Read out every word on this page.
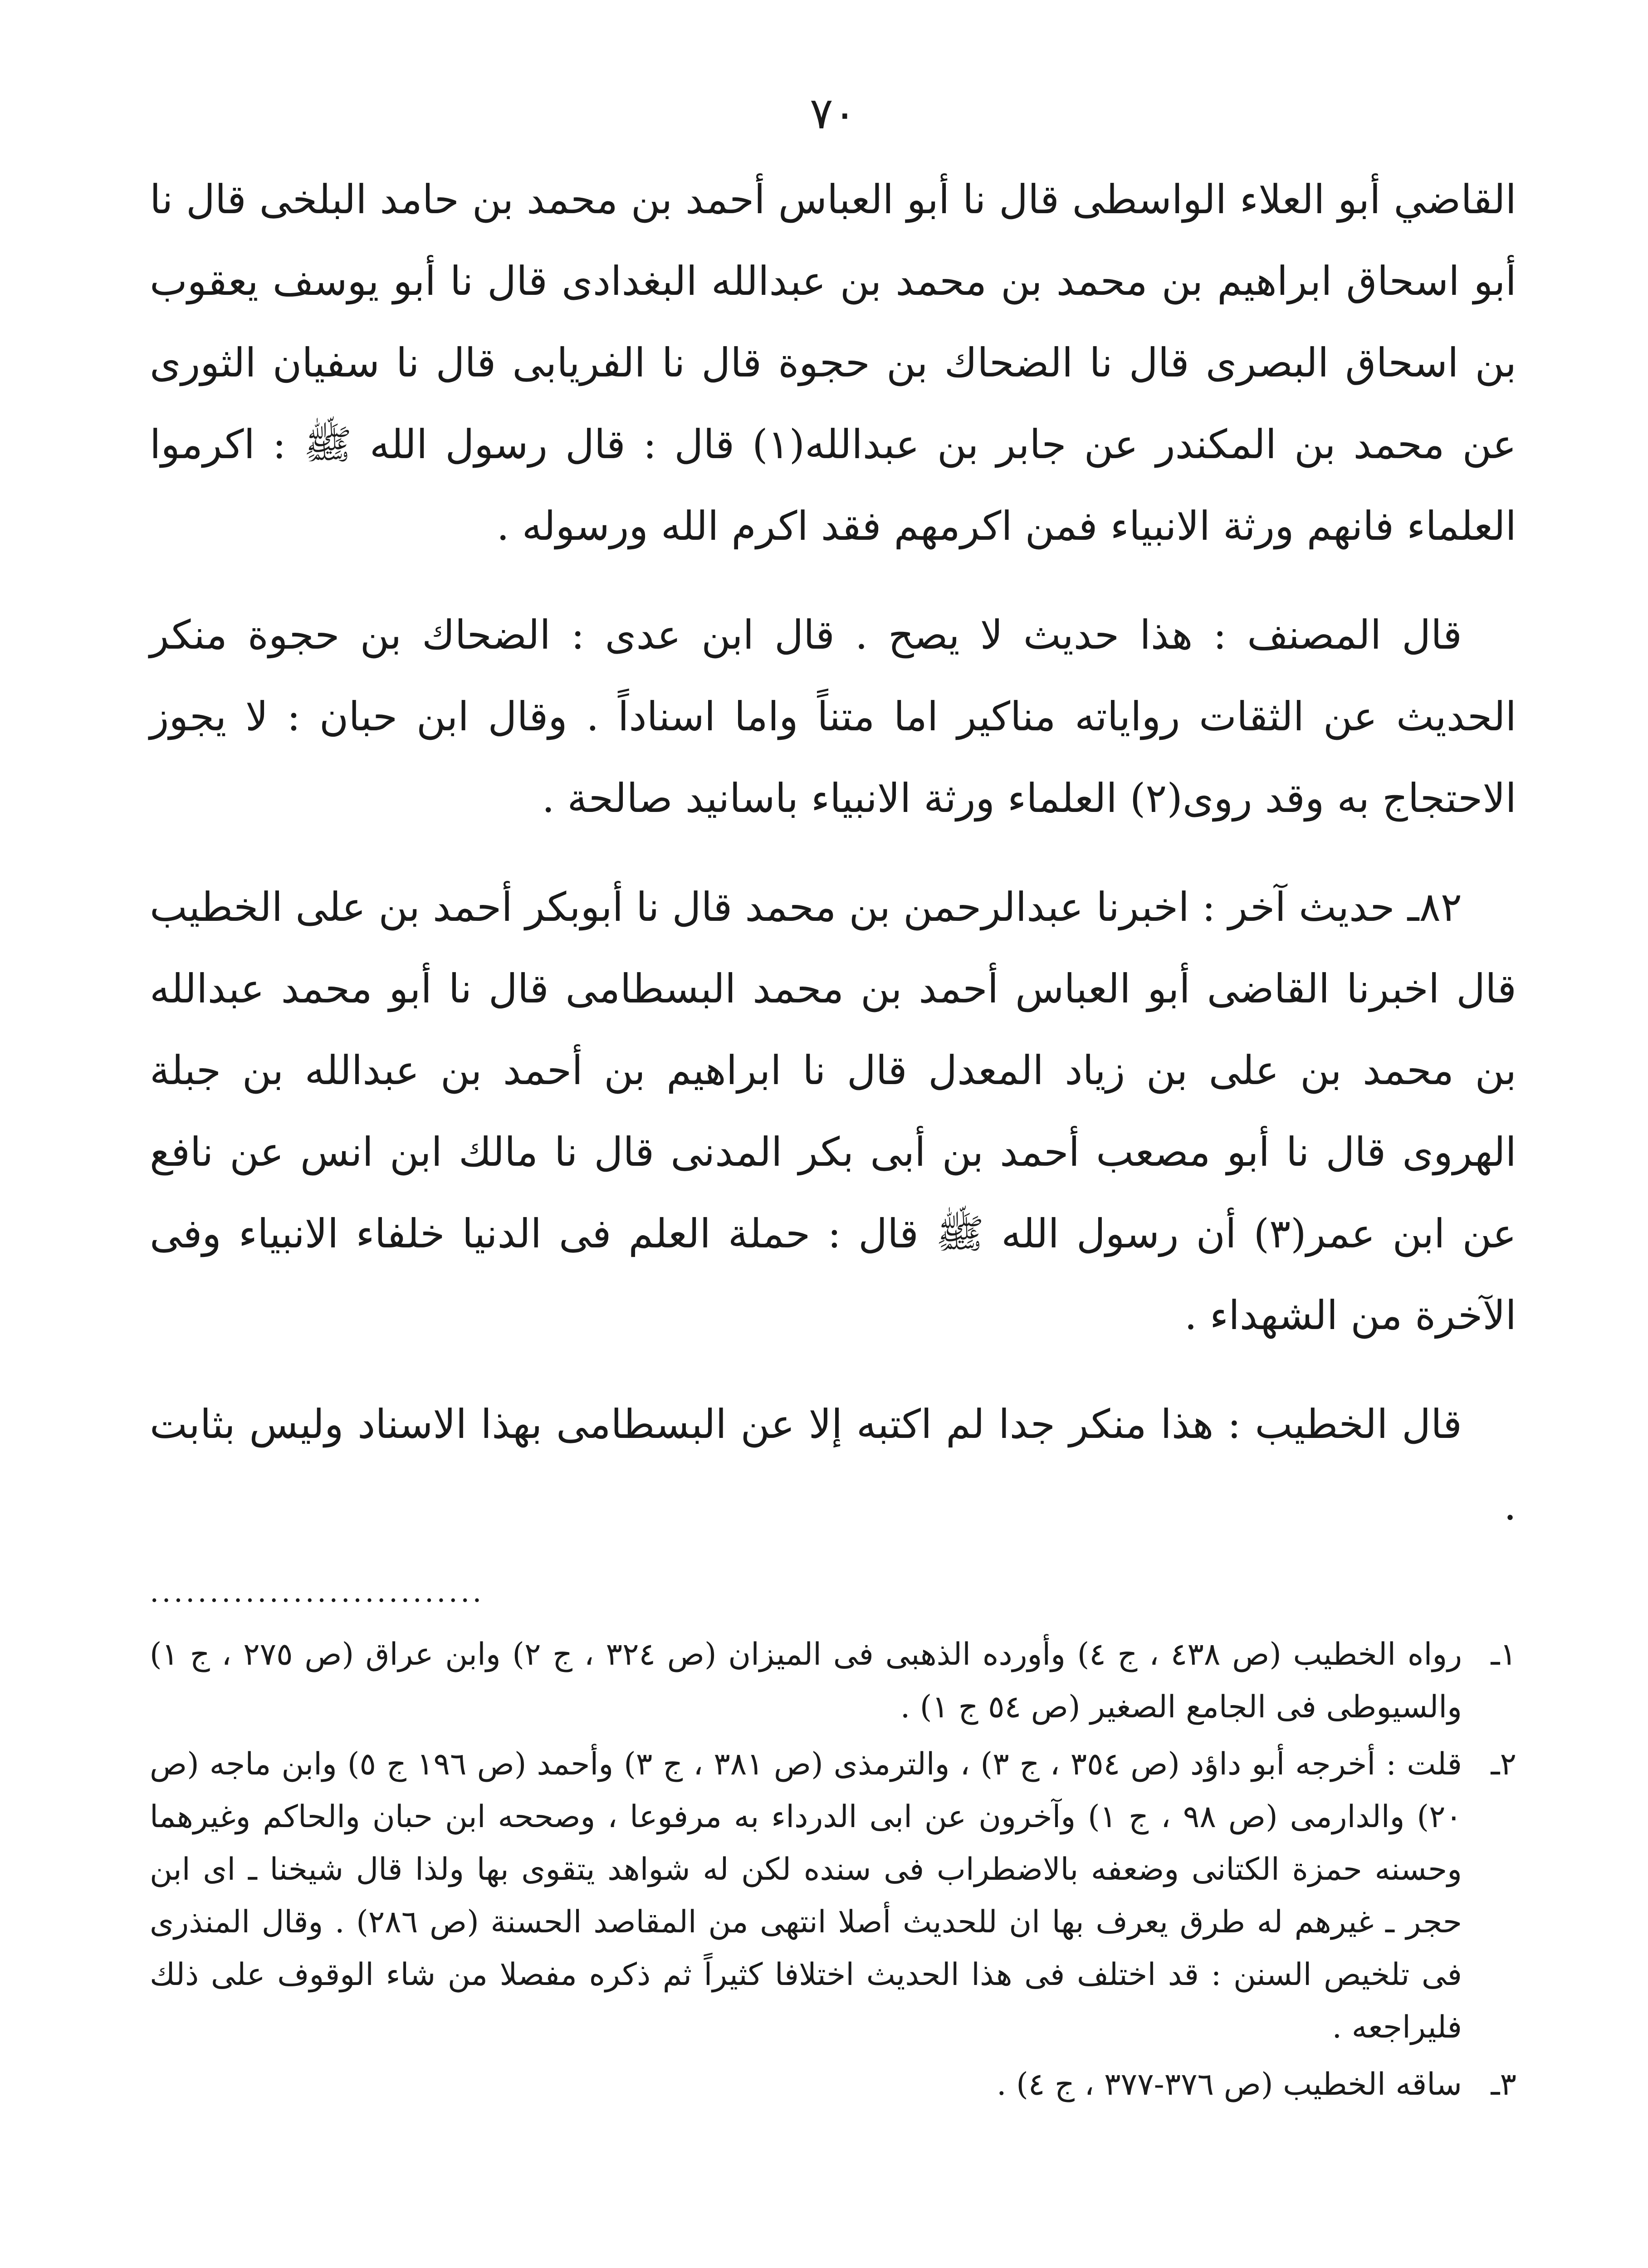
٧٠

القاضي أبو العلاء الواسطى قال نا أبو العباس أحمد بن محمد بن حامد البلخى قال نا أبو اسحاق ابراهيم بن محمد بن محمد بن عبدالله البغدادى قال نا أبو يوسف يعقوب بن اسحاق البصرى قال نا الضحاك بن حجوة قال نا الفريابى قال نا سفيان الثورى عن محمد بن المكندر عن جابر بن عبدالله(١) قال : قال رسول الله ﷺ : اكرموا العلماء فانهم ورثة الانبياء فمن اكرمهم فقد اكرم الله ورسوله .

قال المصنف : هذا حديث لا يصح . قال ابن عدى : الضحاك بن حجوة منكر الحديث عن الثقات رواياته مناكير اما متناً واما اسناداً . وقال ابن حبان : لا يجوز الاحتجاج به وقد روى(٢) العلماء ورثة الانبياء باسانيد صالحة .

٨٢ـ حديث آخر : اخبرنا عبدالرحمن بن محمد قال نا أبوبكر أحمد بن على الخطيب قال اخبرنا القاضى أبو العباس أحمد بن محمد البسطامى قال نا أبو محمد عبدالله بن محمد بن على بن زياد المعدل قال نا ابراهيم بن أحمد بن عبدالله بن جبلة الهروى قال نا أبو مصعب أحمد بن أبى بكر المدنى قال نا مالك ابن انس عن نافع عن ابن عمر(٣) أن رسول الله ﷺ قال : حملة العلم فى الدنيا خلفاء الانبياء وفى الآخرة من الشهداء .

قال الخطيب : هذا منكر جدا لم اكتبه إلا عن البسطامى بهذا الاسناد وليس بثابت .

............................
١ـ
رواه الخطيب (ص ٤٣٨ ، ج ٤) وأورده الذهبى فى الميزان (ص ٣٢٤ ، ج ٢) وابن عراق (ص ٢٧٥ ، ج ١) والسيوطى فى الجامع الصغير (ص ٥٤ ج ١) .
٢ـ
قلت : أخرجه أبو داؤد (ص ٣٥٤ ، ج ٣) ، والترمذى (ص ٣٨١ ، ج ٣) وأحمد (ص ١٩٦ ج ٥) وابن ماجه (ص ٢٠) والدارمى (ص ٩٨ ، ج ١) وآخرون عن ابى الدرداء به مرفوعا ، وصححه ابن حبان والحاكم وغيرهما وحسنه حمزة الكتانى وضعفه بالاضطراب فى سنده لكن له شواهد يتقوى بها ولذا قال شيخنا ـ اى ابن حجر ـ غيرهم له طرق يعرف بها ان للحديث أصلا انتهى من المقاصد الحسنة (ص ٢٨٦) . وقال المنذرى فى تلخيص السنن : قد اختلف فى هذا الحديث اختلافا كثيراً ثم ذكره مفصلا من شاء الوقوف على ذلك فليراجعه .
٣ـ
ساقه الخطيب (ص ٣٧٦-٣٧٧ ، ج ٤) .
